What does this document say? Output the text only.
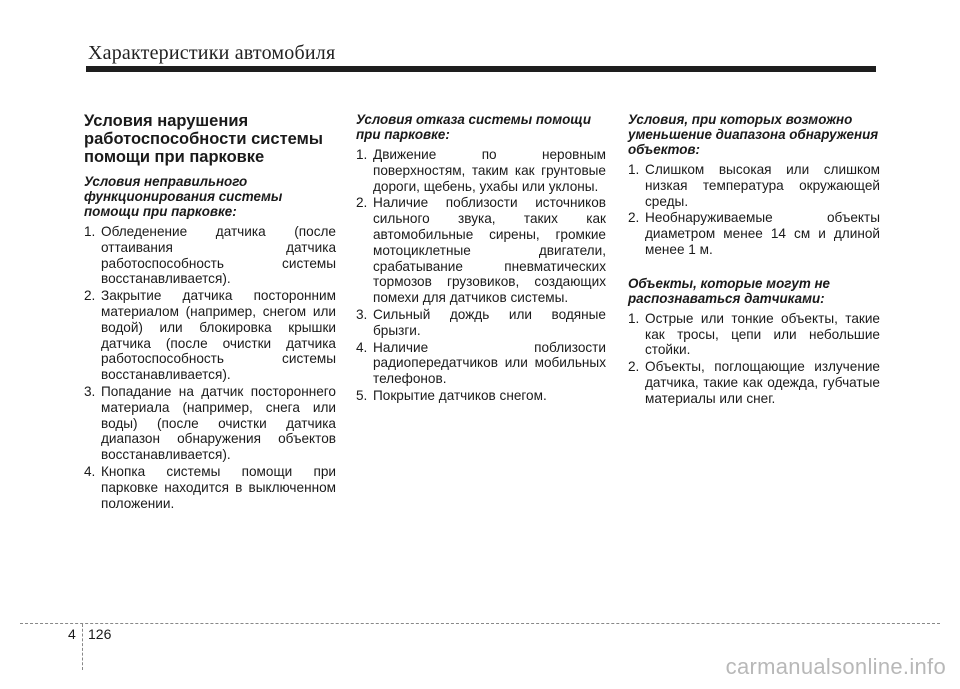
Характеристики автомобиля
Условия нарушения работоспособности системы помощи при парковке
Условия неправильного функционирования системы помощи при парковке:
1. Обледенение датчика (после оттаивания датчика работоспособность системы восстанавливается).
2. Закрытие датчика посторонним материалом (например, снегом или водой) или блокировка крышки датчика (после очистки датчика работоспособность системы восстанавливается).
3. Попадание на датчик постороннего материала (например, снега или воды) (после очистки датчика диапазон обнаружения объектов восстанавливается).
4. Кнопка системы помощи при парковке находится в выключенном положении.
Условия отказа системы помощи при парковке:
1. Движение по неровным поверхностям, таким как грунтовые дороги, щебень, ухабы или уклоны.
2. Наличие поблизости источников сильного звука, таких как автомобильные сирены, громкие мотоциклетные двигатели, срабатывание пневматических тормозов грузовиков, создающих помехи для датчиков системы.
3. Сильный дождь или водяные брызги.
4. Наличие поблизости радиопередатчиков или мобильных телефонов.
5. Покрытие датчиков снегом.
Условия, при которых возможно уменьшение диапазона обнаружения объектов:
1. Слишком высокая или слишком низкая температура окружающей среды.
2. Необнаруживаемые объекты диаметром менее 14 см и длиной менее 1 м.
Объекты, которые могут не распознаваться датчиками:
1. Острые или тонкие объекты, такие как тросы, цепи или небольшие стойки.
2. Объекты, поглощающие излучение датчика, такие как одежда, губчатые материалы или снег.
4 126
carmanualsonline.info
